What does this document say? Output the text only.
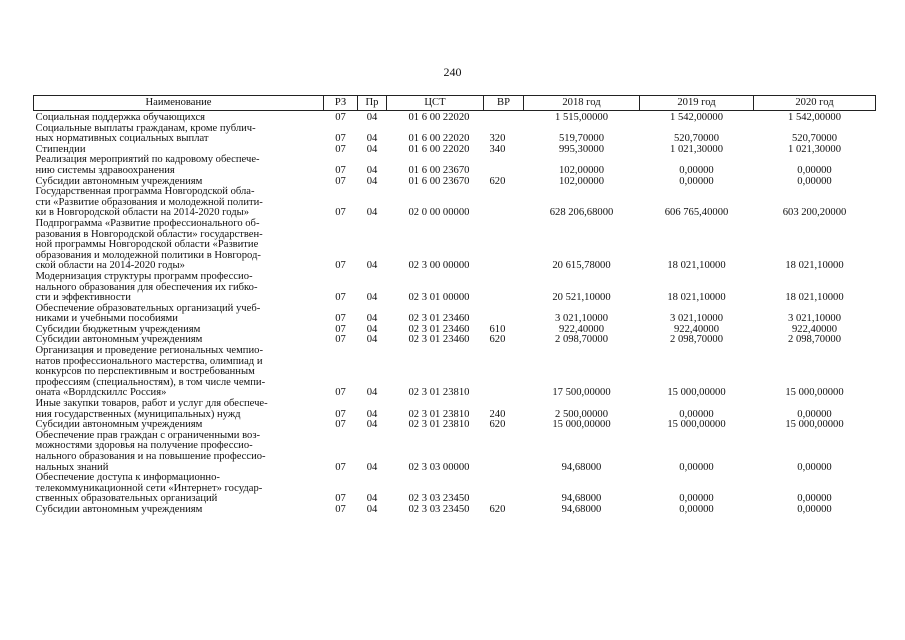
240
Наименование	РЗ	Пр	ЦСТ	ВР	2018 год	2019 год	2020 год
Социальная поддержка обучающихся	07	04	01 6 00 22020		1 515,00000	1 542,00000	1 542,00000
Социальные выплаты гражданам, кроме публич-
ных нормативных социальных выплат	07	04	01 6 00 22020	320	519,70000	520,70000	520,70000
Стипендии	07	04	01 6 00 22020	340	995,30000	1 021,30000	1 021,30000
Реализация мероприятий по кадровому обеспече-
нию системы здравоохранения	07	04	01 6 00 23670		102,00000	0,00000	0,00000
Субсидии автономным учреждениям	07	04	01 6 00 23670	620	102,00000	0,00000	0,00000
Государственная программа Новгородской обла-
сти «Развитие образования и молодежной полити-
ки в Новгородской области на 2014-2020 годы»	07	04	02 0 00 00000		628 206,68000	606 765,40000	603 200,20000
Подпрограмма «Развитие профессионального об-
разования в Новгородской области» государствен-
ной программы Новгородской области «Развитие
образования и молодежной политики в Новгород-
ской области на 2014-2020 годы»	07	04	02 3 00 00000		20 615,78000	18 021,10000	18 021,10000
Модернизация структуры программ профессио-
нального образования для обеспечения их гибко-
сти и эффективности	07	04	02 3 01 00000		20 521,10000	18 021,10000	18 021,10000
Обеспечение образовательных организаций учеб-
никами и учебными пособиями	07	04	02 3 01 23460		3 021,10000	3 021,10000	3 021,10000
Субсидии бюджетным учреждениям	07	04	02 3 01 23460	610	922,40000	922,40000	922,40000
Субсидии автономным учреждениям	07	04	02 3 01 23460	620	2 098,70000	2 098,70000	2 098,70000
Организация и проведение региональных чемпио-
натов профессионального мастерства, олимпиад и
конкурсов по перспективным и востребованным
профессиям (специальностям), в том числе чемпи-
оната «Ворлдскиллс Россия»	07	04	02 3 01 23810		17 500,00000	15 000,00000	15 000,00000
Иные закупки товаров, работ и услуг для обеспече-
ния государственных (муниципальных) нужд	07	04	02 3 01 23810	240	2 500,00000	0,00000	0,00000
Субсидии автономным учреждениям	07	04	02 3 01 23810	620	15 000,00000	15 000,00000	15 000,00000
Обеспечение прав граждан с ограниченными воз-
можностями здоровья на получение профессио-
нального образования и на повышение профессио-
нальных знаний	07	04	02 3 03 00000		94,68000	0,00000	0,00000
Обеспечение доступа к информационно-
телекоммуникационной сети «Интернет» государ-
ственных образовательных организаций	07	04	02 3 03 23450		94,68000	0,00000	0,00000
Субсидии автономным учреждениям	07	04	02 3 03 23450	620	94,68000	0,00000	0,00000
